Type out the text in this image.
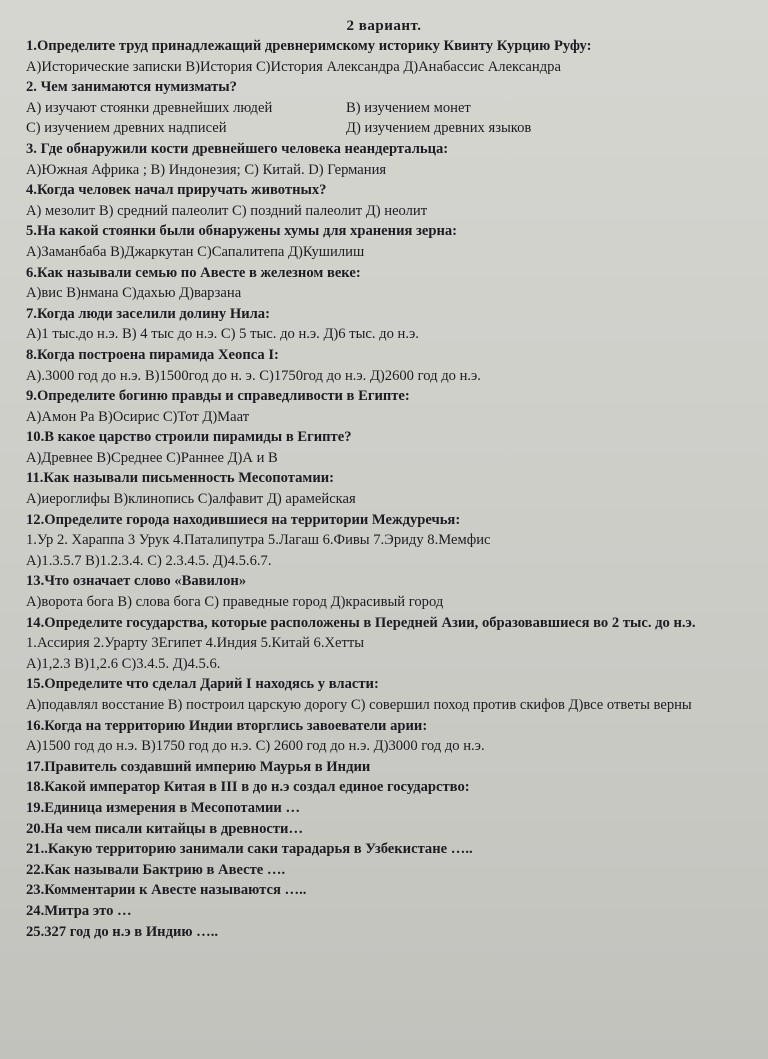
2 вариант.
1.Определите труд принадлежащий древнеримскому историку Квинту Курцию Руфу:
А)Исторические записки В)История С)История Александра Д)Анабассис Александра
2. Чем занимаются нумизматы?
А) изучают стоянки древнейших людей	В) изучением монет
С) изучением древних надписей	Д) изучением древних языков
3. Где обнаружили кости древнейшего человека неандертальца:
А)Южная Африка ; В) Индонезия; С) Китай. D) Германия
4.Когда человек начал приручать животных?
А) мезолит В) средний палеолит С) поздний палеолит Д) неолит
5.На какой стоянки были обнаружены хумы для хранения зерна:
А)Заманбаба В)Джаркутан С)Сапалитепа Д)Кушилиш
6.Как называли семью по Авесте в железном веке:
А)вис В)нмана С)дахью Д)варзана
7.Когда люди заселили долину Нила:
А)1 тыс.до н.э. В) 4 тыс до н.э. С) 5 тыс. до н.э. Д)6 тыс. до н.э.
8.Когда построена пирамида Хеопса I:
А).3000 год до н.э. В)1500год до н. э. С)1750год до н.э. Д)2600 год до н.э.
9.Определите богиню правды и справедливости в Египте:
А)Амон Ра В)Осирис С)Тот Д)Маат
10.В какое царство строили пирамиды в Египте?
А)Древнее В)Среднее С)Раннее Д)А и В
11.Как называли письменность Месопотамии:
А)иероглифы В)клинопись С)алфавит Д) арамейская
12.Определите города находившиеся на территории Междуречья:
1.Ур 2. Хараппа 3 Урук 4.Паталипутра 5.Лагаш 6.Фивы 7.Эриду 8.Мемфис
А)1.3.5.7 В)1.2.3.4. С) 2.3.4.5. Д)4.5.6.7.
13.Что означает слово «Вавилон»
А)ворота бога В) слова бога С) праведные город Д)красивый город
14.Определите государства, которые расположены в Передней Азии, образовавшиеся во 2 тыс. до н.э.
1.Ассирия 2.Урарту 3Египет 4.Индия 5.Китай 6.Хетты
А)1,2.3 В)1,2.6 С)3.4.5. Д)4.5.6.
15.Определите что сделал Дарий I находясь у власти:
А)подавлял восстание В) построил царскую дорогу С) совершил поход против скифов Д)все ответы верны
16.Когда на территорию Индии вторглись завоеватели арии:
А)1500 год до н.э. В)1750 год до н.э. С) 2600 год до н.э. Д)3000 год до н.э.
17.Правитель создавший империю Маурья в Индии
18.Какой император Китая в III в до н.э создал единое государство:
19.Единица измерения в Месопотамии …
20.На чем писали китайцы в древности…
21..Какую территорию занимали саки тарадарья в Узбекистане …..
22.Как называли Бактрию в Авесте ….
23.Комментарии к Авесте называются …..
24.Митра это …
25.327 год до н.э в Индию …..
